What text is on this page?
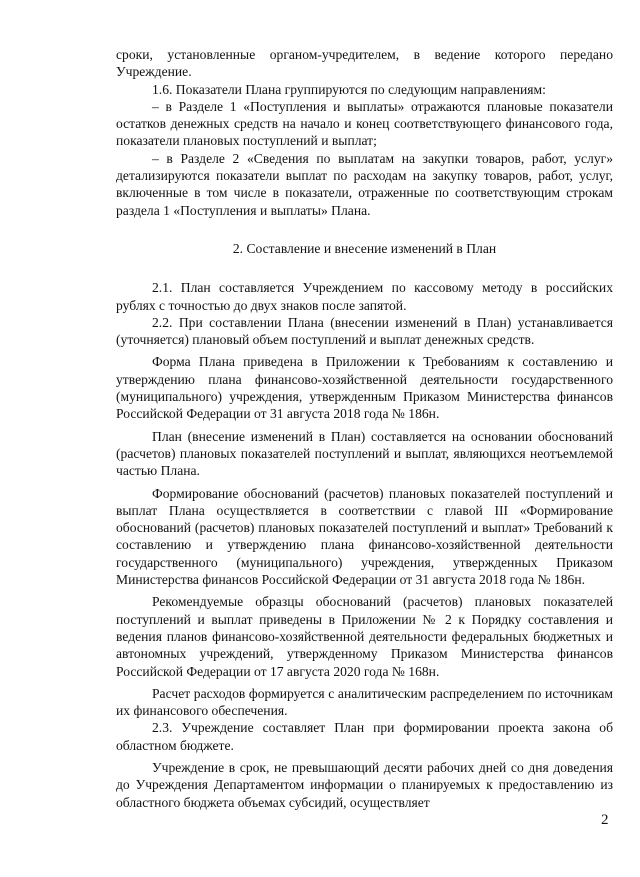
сроки, установленные органом-учредителем, в ведение которого передано Учреждение.

1.6. Показатели Плана группируются по следующим направлениям:

– в Разделе 1 «Поступления и выплаты» отражаются плановые показатели остатков денежных средств на начало и конец соответствующего финансового года, показатели плановых поступлений и выплат;

– в Разделе 2 «Сведения по выплатам на закупки товаров, работ, услуг» детализируются показатели выплат по расходам на закупку товаров, работ, услуг, включенные в том числе в показатели, отраженные по соответствующим строкам раздела 1 «Поступления и выплаты» Плана.

2. Составление и внесение изменений в План

2.1. План составляется Учреждением по кассовому методу в российских рублях с точностью до двух знаков после запятой.

2.2. При составлении Плана (внесении изменений в План) устанавливается (уточняется) плановый объем поступлений и выплат денежных средств.

Форма Плана приведена в Приложении к Требованиям к составлению и утверждению плана финансово-хозяйственной деятельности государственного (муниципального) учреждения, утвержденным Приказом Министерства финансов Российской Федерации от 31 августа 2018 года № 186н.

План (внесение изменений в План) составляется на основании обоснований (расчетов) плановых показателей поступлений и выплат, являющихся неотъемлемой частью Плана.

Формирование обоснований (расчетов) плановых показателей поступлений и выплат Плана осуществляется в соответствии с главой III «Формирование обоснований (расчетов) плановых показателей поступлений и выплат» Требований к составлению и утверждению плана финансово-хозяйственной деятельности государственного (муниципального) учреждения, утвержденных Приказом Министерства финансов Российской Федерации от 31 августа 2018 года № 186н.

Рекомендуемые образцы обоснований (расчетов) плановых показателей поступлений и выплат приведены в Приложении № 2 к Порядку составления и ведения планов финансово-хозяйственной деятельности федеральных бюджетных и автономных учреждений, утвержденному Приказом Министерства финансов Российской Федерации от 17 августа 2020 года № 168н.

Расчет расходов формируется с аналитическим распределением по источникам их финансового обеспечения.

2.3. Учреждение составляет План при формировании проекта закона об областном бюджете.

Учреждение в срок, не превышающий десяти рабочих дней со дня доведения до Учреждения Департаментом информации о планируемых к предоставлению из областного бюджета объемах субсидий, осуществляет

2
